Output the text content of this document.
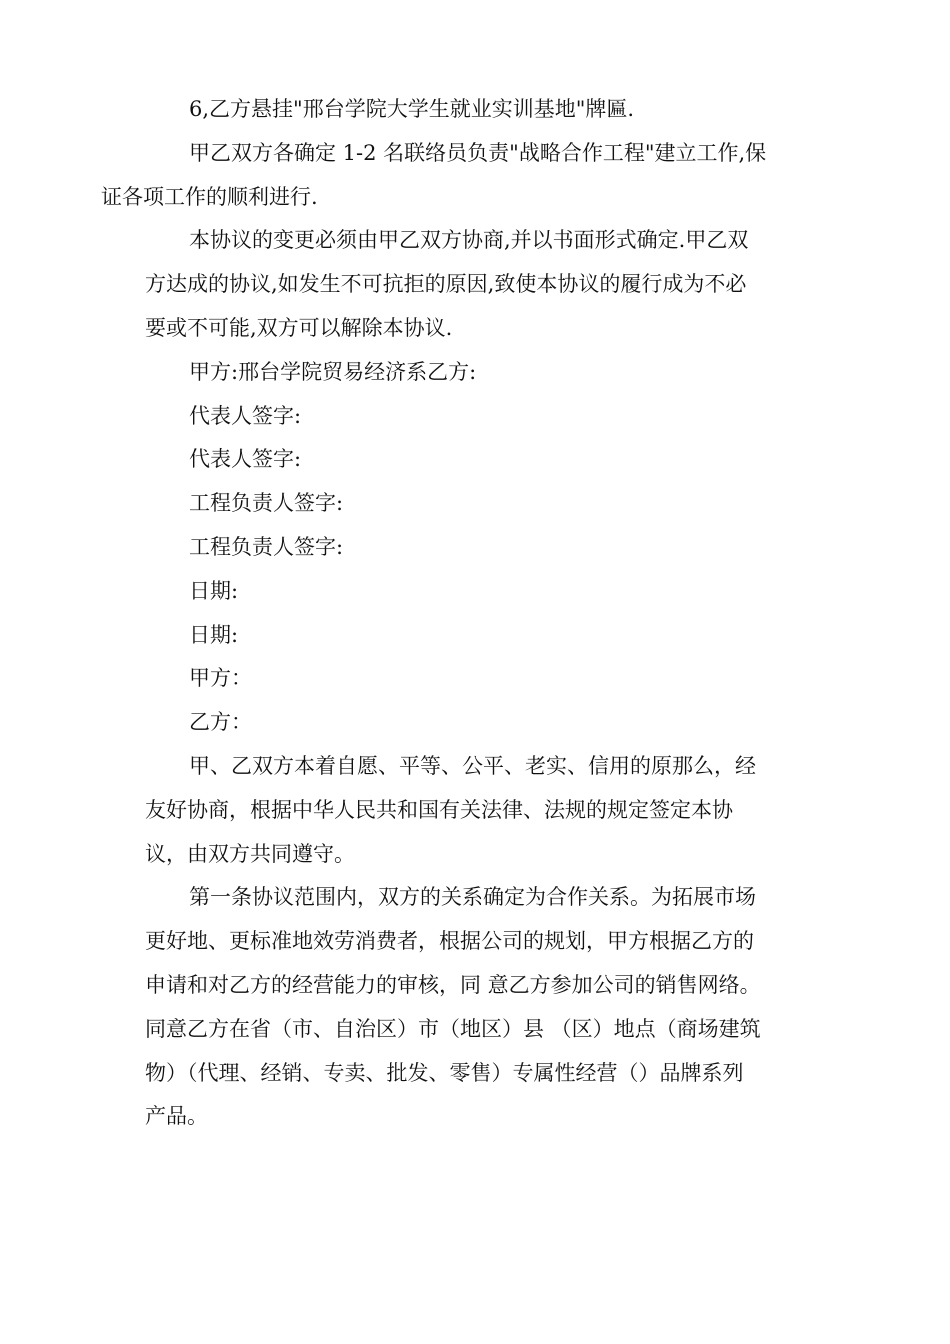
6,乙方悬挂"邢台学院大学生就业实训基地"牌匾.

甲乙双方各确定 1-2 名联络员负责"战略合作工程"建立工作,保
证各项工作的顺利进行.

本协议的变更必须由甲乙双方协商,并以书面形式确定.甲乙双
方达成的协议,如发生不可抗拒的原因,致使本协议的履行成为不必
要或不可能,双方可以解除本协议.

甲方:邢台学院贸易经济系乙方:

代表人签字:

代表人签字:

工程负责人签字:

工程负责人签字:

日期:

日期:

甲方：

乙方：

甲、乙双方本着自愿、平等、公平、老实、信用的原那么，经
友好协商，根据中华人民共和国有关法律、法规的规定签定本协
议，由双方共同遵守。

第一条协议范围内，双方的关系确定为合作关系。为拓展市场
更好地、更标准地效劳消费者，根据公司的规划，甲方根据乙方的
申请和对乙方的经营能力的审核，同 意乙方参加公司的销售网络。
同意乙方在省（市、自治区）市（地区）县 （区）地点（商场建筑
物）（代理、经销、专卖、批发、零售）专属性经营（）品牌系列
产品。
